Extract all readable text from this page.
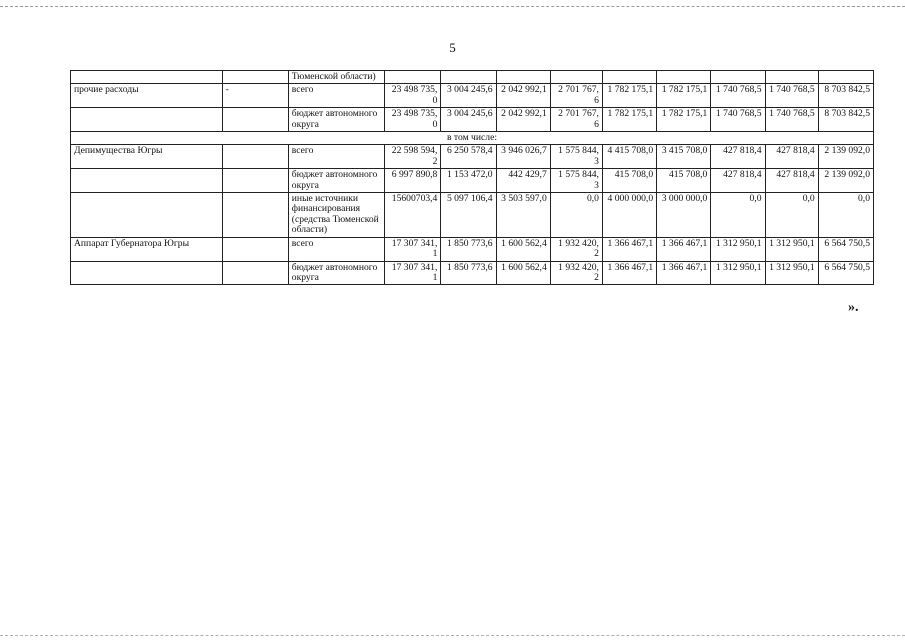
5
		Тюменской области)									
прочие расходы	-	всего	23 498 735, 0	3 004 245,6	2 042 992,1	2 701 767, 6	1 782 175,1	1 782 175,1	1 740 768,5	1 740 768,5	8 703 842,5
		бюджет автономного округа	23 498 735, 0	3 004 245,6	2 042 992,1	2 701 767, 6	1 782 175,1	1 782 175,1	1 740 768,5	1 740 768,5	8 703 842,5
в том числе:											
Депимущества Югры		всего	22 598 594, 2	6 250 578,4	3 946 026,7	1 575 844, 3	4 415 708,0	3 415 708,0	427 818,4	427 818,4	2 139 092,0
		бюджет автономного округа	6 997 890,8	1 153 472,0	442 429,7	1 575 844, 3	415 708,0	415 708,0	427 818,4	427 818,4	2 139 092,0
		иные источники финансирования (средства Тюменской области)	15600703,4	5 097 106,4	3 503 597,0	0,0	4 000 000,0	3 000 000,0	0,0	0,0	0,0
Аппарат Губернатора Югры		всего	17 307 341, 1	1 850 773,6	1 600 562,4	1 932 420, 2	1 366 467,1	1 366 467,1	1 312 950,1	1 312 950,1	6 564 750,5
		бюджет автономного округа	17 307 341, 1	1 850 773,6	1 600 562,4	1 932 420, 2	1 366 467,1	1 366 467,1	1 312 950,1	1 312 950,1	6 564 750,5
».
